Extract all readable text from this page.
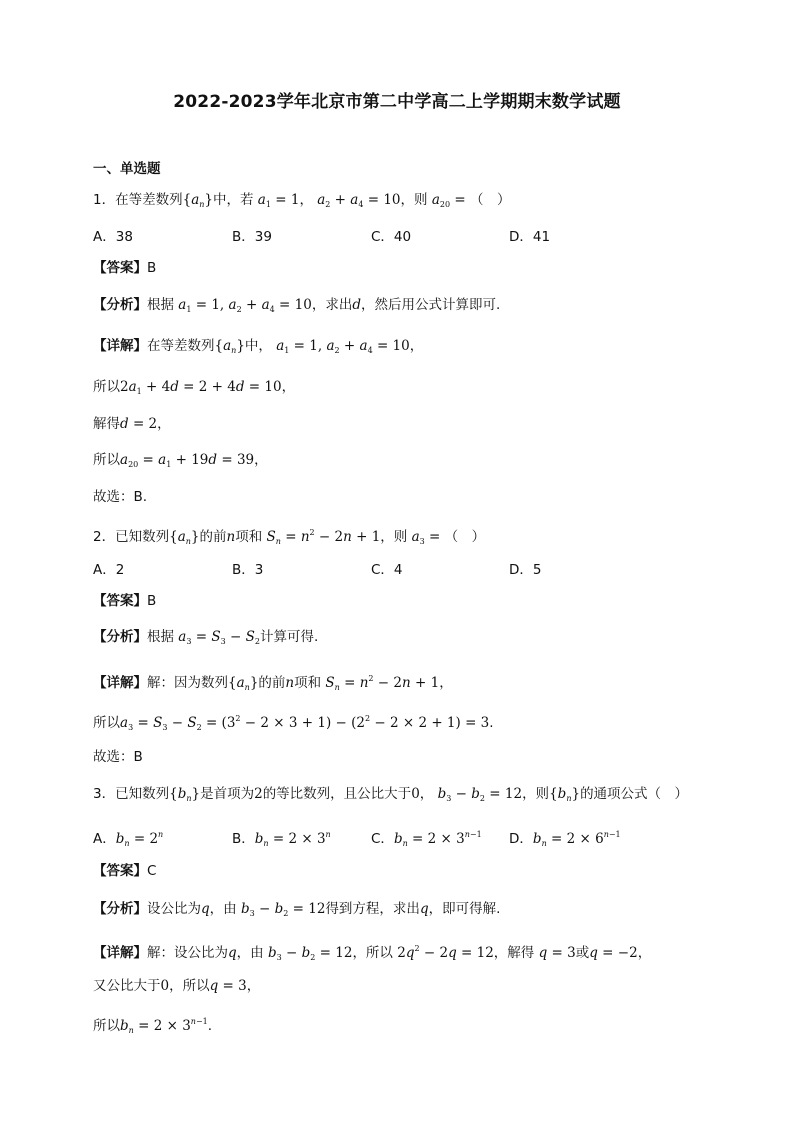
2022-2023学年北京市第二中学高二上学期期末数学试题
一、单选题
1．在等差数列$\{a_n\}$中，若 $a_1 = 1$， $a_2 + a_4 = 10$，则 $a_{20}$ = （　）
A．38	B．39	C．40	D．41
【答案】B
【分析】根据 $a_1 = 1$, $a_2 + a_4 = 10$，求出d，然后用公式计算即可.
【详解】在等差数列$\{a_n\}$中， $a_1 = 1$, $a_2 + a_4 = 10$，
所以$2a_1 + 4d = 2 + 4d = 10$，
解得d = 2，
所以$a_{20} = a_1 + 19d = 39$，
故选：B.
2．已知数列$\{a_n\}$的前n项和 $S_n = n^2 - 2n + 1$，则 $a_3$ = （　）
A．2	B．3	C．4	D．5
【答案】B
【分析】根据 $a_3 = S_3 - S_2$计算可得.
【详解】解：因为数列$\{a_n\}$的前n项和 $S_n = n^2 - 2n + 1$，
所以$a_3 = S_3 - S_2 = (3^2 - 2 \times 3 + 1) - (2^2 - 2 \times 2 + 1) = 3$.
故选：B
3．已知数列$\{b_n\}$是首项为2的等比数列，且公比大于0， $b_3 - b_2 = 12$，则$\{b_n\}$的通项公式（　）
A．$b_n = 2^n$	B．$b_n = 2 \times 3^n$	C．$b_n = 2 \times 3^{n-1}$ D．$b_n = 2 \times 6^{n-1}$
【答案】C
【分析】设公比为q，由 $b_3 - b_2 = 12$得到方程，求出q，即可得解.
【详解】解：设公比为q，由 $b_3 - b_2 = 12$，所以 $2q^2 - 2q = 12$，解得 q = 3或q = −2，
又公比大于0，所以q = 3，
所以$b_n = 2 \times 3^{n-1}$.
